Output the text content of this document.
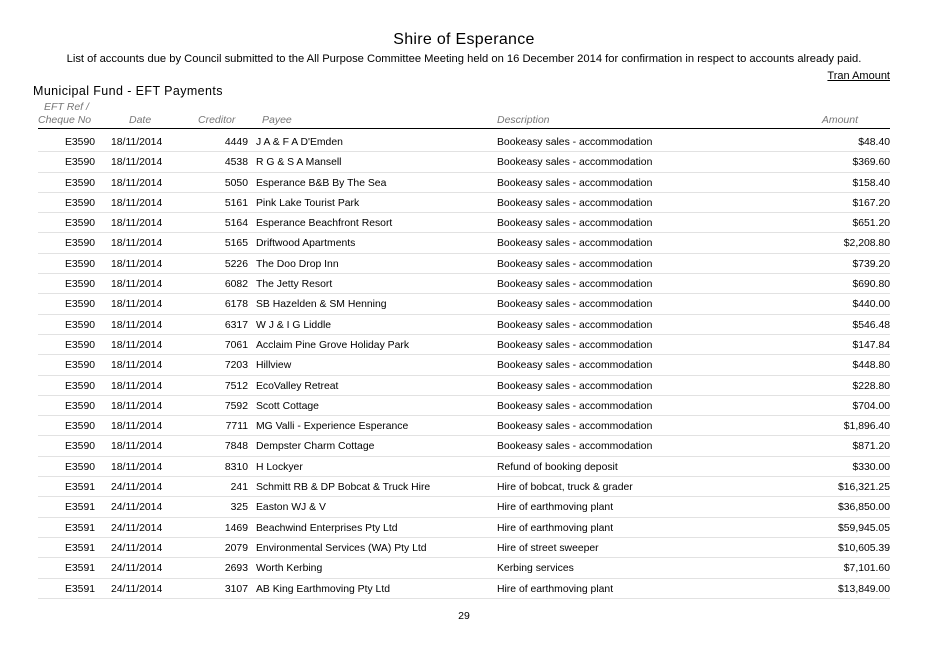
Shire of Esperance
List of accounts due by Council submitted to the All Purpose Committee Meeting held on 16 December 2014 for confirmation in respect to accounts already paid.
Tran Amount
Municipal Fund - EFT Payments
EFT Ref /
Cheque No	Date	Creditor	Payee	Description	Amount
E3590 18/11/2014	4449 J A & F A D'Emden	Bookeasy sales - accommodation	$48.40
E3590 18/11/2014	4538 R G & S A Mansell	Bookeasy sales - accommodation	$369.60
E3590 18/11/2014	5050 Esperance B&B By The Sea	Bookeasy sales - accommodation	$158.40
E3590 18/11/2014	5161 Pink Lake Tourist Park	Bookeasy sales - accommodation	$167.20
E3590 18/11/2014	5164 Esperance Beachfront Resort	Bookeasy sales - accommodation	$651.20
E3590 18/11/2014	5165 Driftwood Apartments	Bookeasy sales - accommodation	$2,208.80
E3590 18/11/2014	5226 The Doo Drop Inn	Bookeasy sales - accommodation	$739.20
E3590 18/11/2014	6082 The Jetty Resort	Bookeasy sales - accommodation	$690.80
E3590 18/11/2014	6178 SB Hazelden & SM Henning	Bookeasy sales - accommodation	$440.00
E3590 18/11/2014	6317 W J & I G Liddle	Bookeasy sales - accommodation	$546.48
E3590 18/11/2014	7061 Acclaim Pine Grove Holiday Park	Bookeasy sales - accommodation	$147.84
E3590 18/11/2014	7203 Hillview	Bookeasy sales - accommodation	$448.80
E3590 18/11/2014	7512 EcoValley Retreat	Bookeasy sales - accommodation	$228.80
E3590 18/11/2014	7592 Scott Cottage	Bookeasy sales - accommodation	$704.00
E3590 18/11/2014	7711 MG Valli - Experience Esperance	Bookeasy sales - accommodation	$1,896.40
E3590 18/11/2014	7848 Dempster Charm Cottage	Bookeasy sales - accommodation	$871.20
E3590 18/11/2014	8310 H Lockyer	Refund of booking deposit	$330.00
E3591 24/11/2014	241 Schmitt RB & DP Bobcat & Truck Hire	Hire of bobcat, truck & grader	$16,321.25
E3591 24/11/2014	325 Easton WJ & V	Hire of earthmoving plant	$36,850.00
E3591 24/11/2014	1469 Beachwind Enterprises Pty Ltd	Hire of earthmoving plant	$59,945.05
E3591 24/11/2014	2079 Environmental Services (WA) Pty Ltd	Hire of street sweeper	$10,605.39
E3591 24/11/2014	2693 Worth Kerbing	Kerbing services	$7,101.60
E3591 24/11/2014	3107 AB King Earthmoving Pty Ltd	Hire of earthmoving plant	$13,849.00
29
